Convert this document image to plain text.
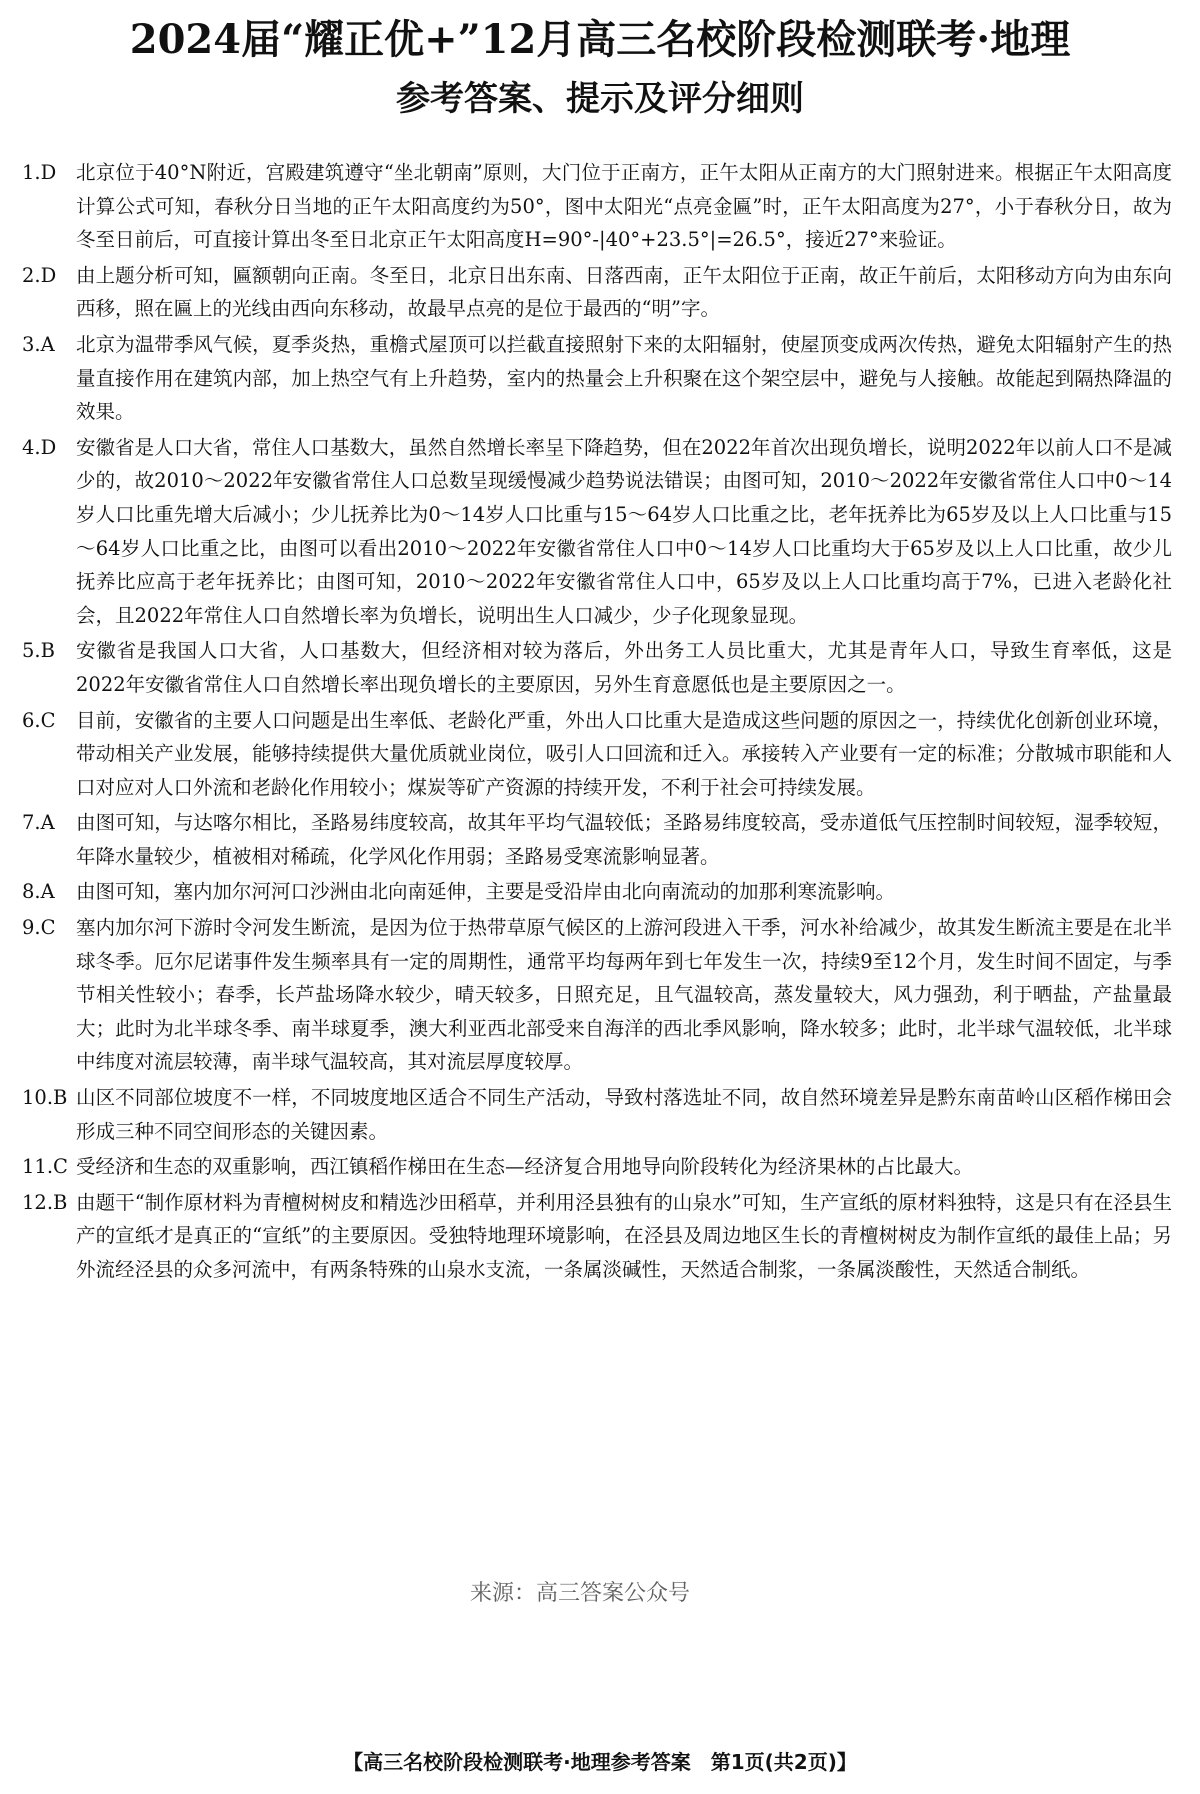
2024届“耀正优+”12月高三名校阶段检测联考·地理
参考答案、提示及评分细则
1.D 北京位于40°N附近，宫殿建筑遵守“坐北朝南”原则，大门位于正南方，正午太阳从正南方的大门照射进来。根据正午太阳高度计算公式可知，春秋分日当地的正午太阳高度约为50°，图中太阳光“点亮金匾”时，正午太阳高度为27°，小于春秋分日，故为冬至日前后，可直接计算出冬至日北京正午太阳高度H=90°-|40°+23.5°|=26.5°，接近27°来验证。
2.D 由上题分析可知，匾额朝向正南。冬至日，北京日出东南、日落西南，正午太阳位于正南，故正午前后，太阳移动方向为由东向西移，照在匾上的光线由西向东移动，故最早点亮的是位于最西的“明”字。
3.A 北京为温带季风气候，夏季炎热，重檐式屋顶可以拦截直接照射下来的太阳辐射，使屋顶变成两次传热，避免太阳辐射产生的热量直接作用在建筑内部，加上热空气有上升趋势，室内的热量会上升积聚在这个架空层中，避免与人接触。故能起到隔热降温的效果。
4.D 安徽省是人口大省，常住人口基数大，虽然自然增长率呈下降趋势，但在2022年首次出现负增长，说明2022年以前人口不是减少的，故2010～2022年安徽省常住人口总数呈现缓慢减少趋势说法错误；由图可知，2010～2022年安徽省常住人口中0～14岁人口比重先增大后减小；少儿抚养比为0～14岁人口比重与15～64岁人口比重之比，老年抚养比为65岁及以上人口比重与15～64岁人口比重之比，由图可以看出2010～2022年安徽省常住人口中0～14岁人口比重均大于65岁及以上人口比重，故少儿抚养比应高于老年抚养比；由图可知，2010～2022年安徽省常住人口中，65岁及以上人口比重均高于7%，已进入老龄化社会，且2022年常住人口自然增长率为负增长，说明出生人口减少，少子化现象显现。
5.B 安徽省是我国人口大省，人口基数大，但经济相对较为落后，外出务工人员比重大，尤其是青年人口，导致生育率低，这是2022年安徽省常住人口自然增长率出现负增长的主要原因，另外生育意愿低也是主要原因之一。
6.C 目前，安徽省的主要人口问题是出生率低、老龄化严重，外出人口比重大是造成这些问题的原因之一，持续优化创新创业环境，带动相关产业发展，能够持续提供大量优质就业岗位，吸引人口回流和迁入。承接转入产业要有一定的标准；分散城市职能和人口对应对人口外流和老龄化作用较小；煤炭等矿产资源的持续开发，不利于社会可持续发展。
7.A 由图可知，与达喀尔相比，圣路易纬度较高，故其年平均气温较低；圣路易纬度较高，受赤道低气压控制时间较短，湿季较短，年降水量较少，植被相对稀疏，化学风化作用弱；圣路易受寒流影响显著。
8.A 由图可知，塞内加尔河河口沙洲由北向南延伸，主要是受沿岸由北向南流动的加那利寒流影响。
9.C 塞内加尔河下游时令河发生断流，是因为位于热带草原气候区的上游河段进入干季，河水补给减少，故其发生断流主要是在北半球冬季。厄尔尼诺事件发生频率具有一定的周期性，通常平均每两年到七年发生一次，持续9至12个月，发生时间不固定，与季节相关性较小；春季，长芦盐场降水较少，晴天较多，日照充足，且气温较高，蒸发量较大，风力强劲，利于晒盐，产盐量最大；此时为北半球冬季、南半球夏季，澳大利亚西北部受来自海洋的西北季风影响，降水较多；此时，北半球气温较低，北半球中纬度对流层较薄，南半球气温较高，其对流层厚度较厚。
10.B 山区不同部位坡度不一样，不同坡度地区适合不同生产活动，导致村落选址不同，故自然环境差异是黔东南苗岭山区稻作梯田会形成三种不同空间形态的关键因素。
11.C 受经济和生态的双重影响，西江镇稻作梯田在生态—经济复合用地导向阶段转化为经济果林的占比最大。
12.B 由题干“制作原材料为青檀树树皮和精选沙田稻草，并利用泾县独有的山泉水”可知，生产宣纸的原材料独特，这是只有在泾县生产的宣纸才是真正的“宣纸”的主要原因。受独特地理环境影响，在泾县及周边地区生长的青檀树树皮为制作宣纸的最佳上品；另外流经泾县的众多河流中，有两条特殊的山泉水支流，一条属淡碱性，天然适合制浆，一条属淡酸性，天然适合制纸。
来源：高三答案公众号
【高三名校阶段检测联考·地理参考答案　第1页(共2页)】
